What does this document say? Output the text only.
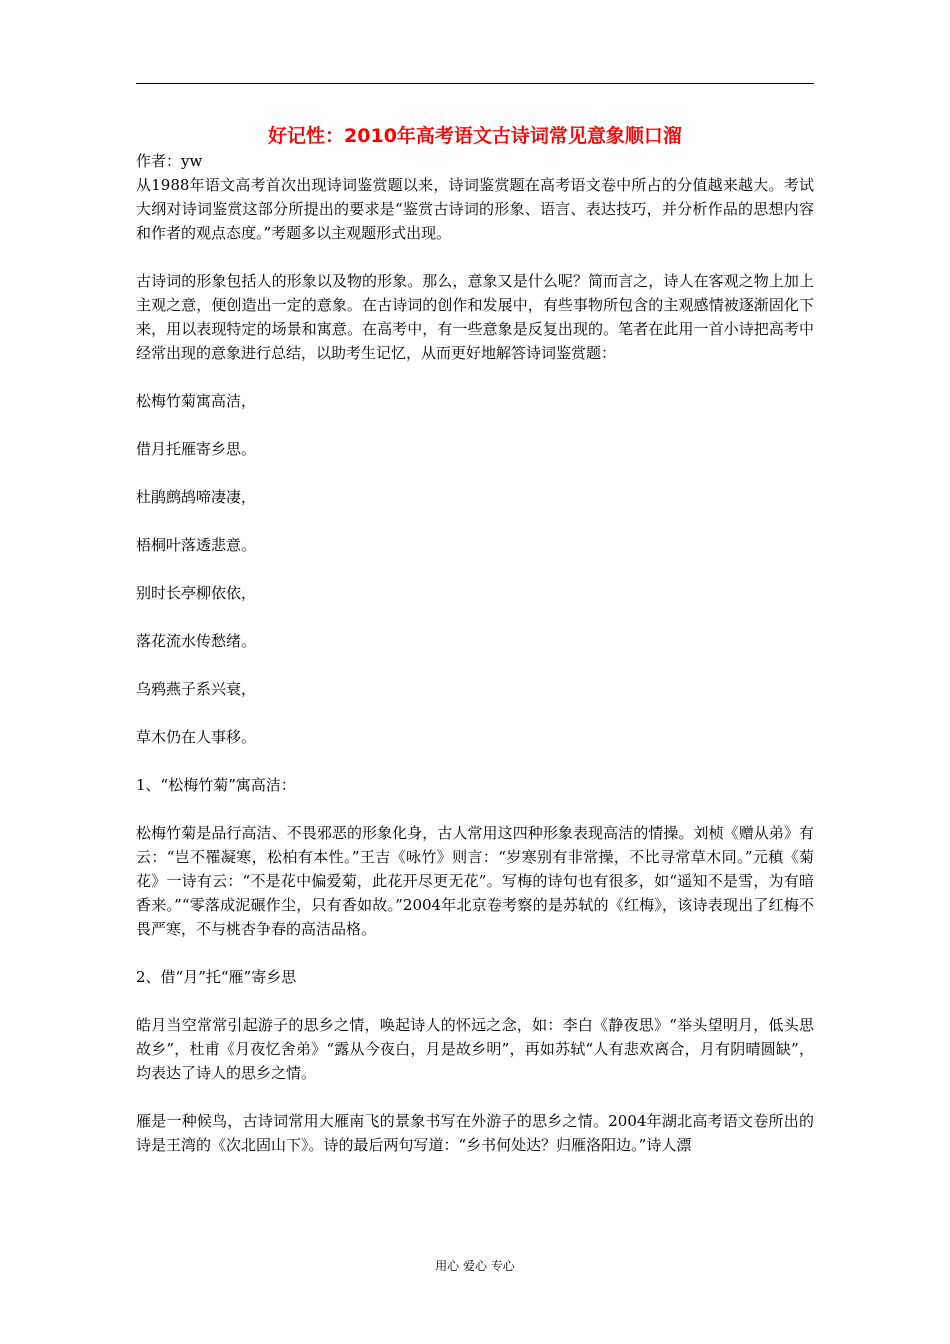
好记性：2010年高考语文古诗词常见意象顺口溜

作者：yw

从1988年语文高考首次出现诗词鉴赏题以来，诗词鉴赏题在高考语文卷中所占的分值越来越大。考试大纲对诗词鉴赏这部分所提出的要求是“鉴赏古诗词的形象、语言、表达技巧，并分析作品的思想内容和作者的观点态度。”考题多以主观题形式出现。

古诗词的形象包括人的形象以及物的形象。那么，意象又是什么呢？简而言之，诗人在客观之物上加上主观之意，便创造出一定的意象。在古诗词的创作和发展中，有些事物所包含的主观感情被逐渐固化下来，用以表现特定的场景和寓意。在高考中，有一些意象是反复出现的。笔者在此用一首小诗把高考中经常出现的意象进行总结，以助考生记忆，从而更好地解答诗词鉴赏题：

松梅竹菊寓高洁，

借月托雁寄乡思。

杜鹃鹧鸪啼凄凄，

梧桐叶落透悲意。

别时长亭柳依依，

落花流水传愁绪。

乌鸦燕子系兴衰，

草木仍在人事移。

1、“松梅竹菊”寓高洁：

松梅竹菊是品行高洁、不畏邪恶的形象化身，古人常用这四种形象表现高洁的情操。刘桢《赠从弟》有云：“岂不罹凝寒，松柏有本性。”王吉《咏竹》则言：“岁寒别有非常操，不比寻常草木同。”元稹《菊花》一诗有云：“不是花中偏爱菊，此花开尽更无花”。写梅的诗句也有很多，如“遥知不是雪，为有暗香来。”“零落成泥碾作尘，只有香如故。”2004年北京卷考察的是苏轼的《红梅》，该诗表现出了红梅不畏严寒，不与桃杏争春的高洁品格。

2、借“月”托“雁”寄乡思

皓月当空常常引起游子的思乡之情，唤起诗人的怀远之念，如：李白《静夜思》“举头望明月，低头思故乡”，杜甫《月夜忆舍弟》“露从今夜白，月是故乡明”，再如苏轼“人有悲欢离合，月有阴晴圆缺”，均表达了诗人的思乡之情。

雁是一种候鸟，古诗词常用大雁南飞的景象书写在外游子的思乡之情。2004年湖北高考语文卷所出的诗是王湾的《次北固山下》。诗的最后两句写道：“乡书何处达？归雁洛阳边。”诗人漂

用心 爱心 专心
